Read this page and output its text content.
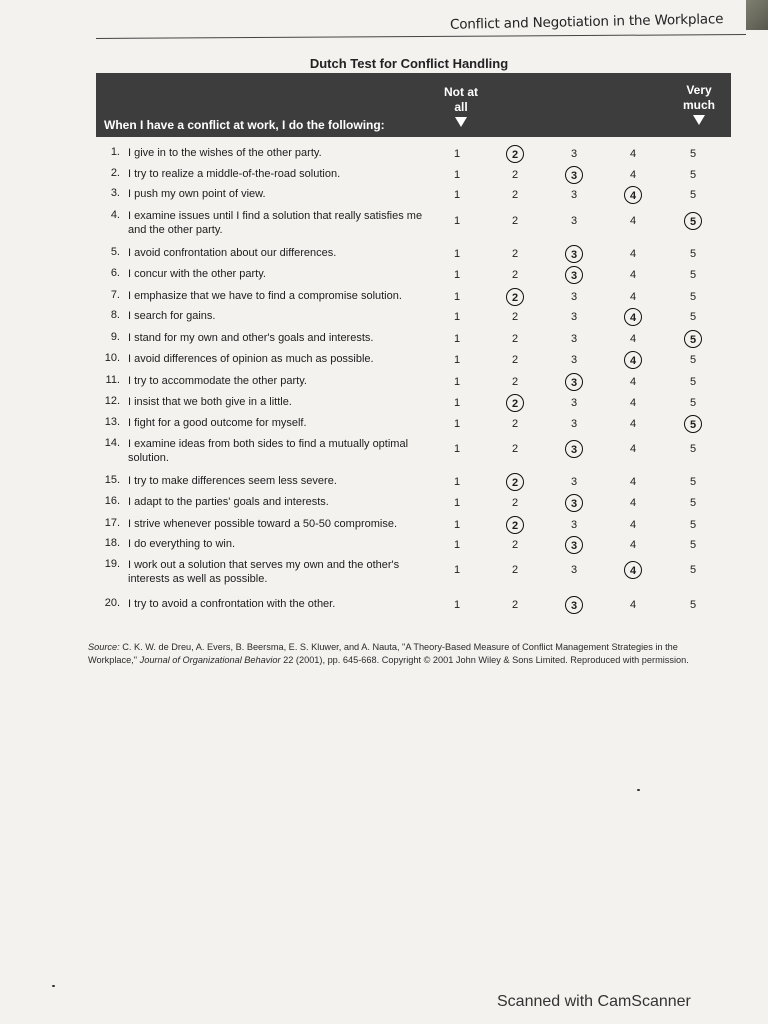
Conflict and Negotiation in the Workplace
Dutch Test for Conflict Handling
When I have a conflict at work, I do the following:
Not at all
Very much
1. I give in to the wishes of the other party.	1	2	3	4	5
2. I try to realize a middle-of-the-road solution.	1	2	3	4	5
3. I push my own point of view.	1	2	3	4	5
4. I examine issues until I find a solution that really satisfies me and the other party.
1	2	3	4	5
5. I avoid confrontation about our differences.	1	2	3	4	5
6. I concur with the other party.	1	2	3	4	5
7. I emphasize that we have to find a compromise solution.	1	2	3	4	5
8. I search for gains.	1	2	3	4	5
9. I stand for my own and other's goals and interests.	1	2	3	4	5
10. I avoid differences of opinion as much as possible.	1	2	3	4	5
11. I try to accommodate the other party.	1	2	3	4	5
12. I insist that we both give in a little.	1	2	3	4	5
13. I fight for a good outcome for myself.	1	2	3	4	5
14. I examine ideas from both sides to find a mutually optimal solution.
1	2	3	4	5
15. I try to make differences seem less severe.	1	2	3	4	5
16. I adapt to the parties' goals and interests.	1	2	3	4	5
17. I strive whenever possible toward a 50-50 compromise.	1	2	3	4	5
18. I do everything to win.	1	2	3	4	5
19. I work out a solution that serves my own and the other's interests as well as possible.
1	2	3	4	5
20. I try to avoid a confrontation with the other.	1	2	3	4	5
Source: C. K. W. de Dreu, A. Evers, B. Beersma, E. S. Kluwer, and A. Nauta, "A Theory-Based Measure of Conflict Management Strategies in the Workplace," Journal of Organizational Behavior 22 (2001), pp. 645-668. Copyright © 2001 John Wiley & Sons Limited. Reproduced with permission.
Scanned with CamScanner
